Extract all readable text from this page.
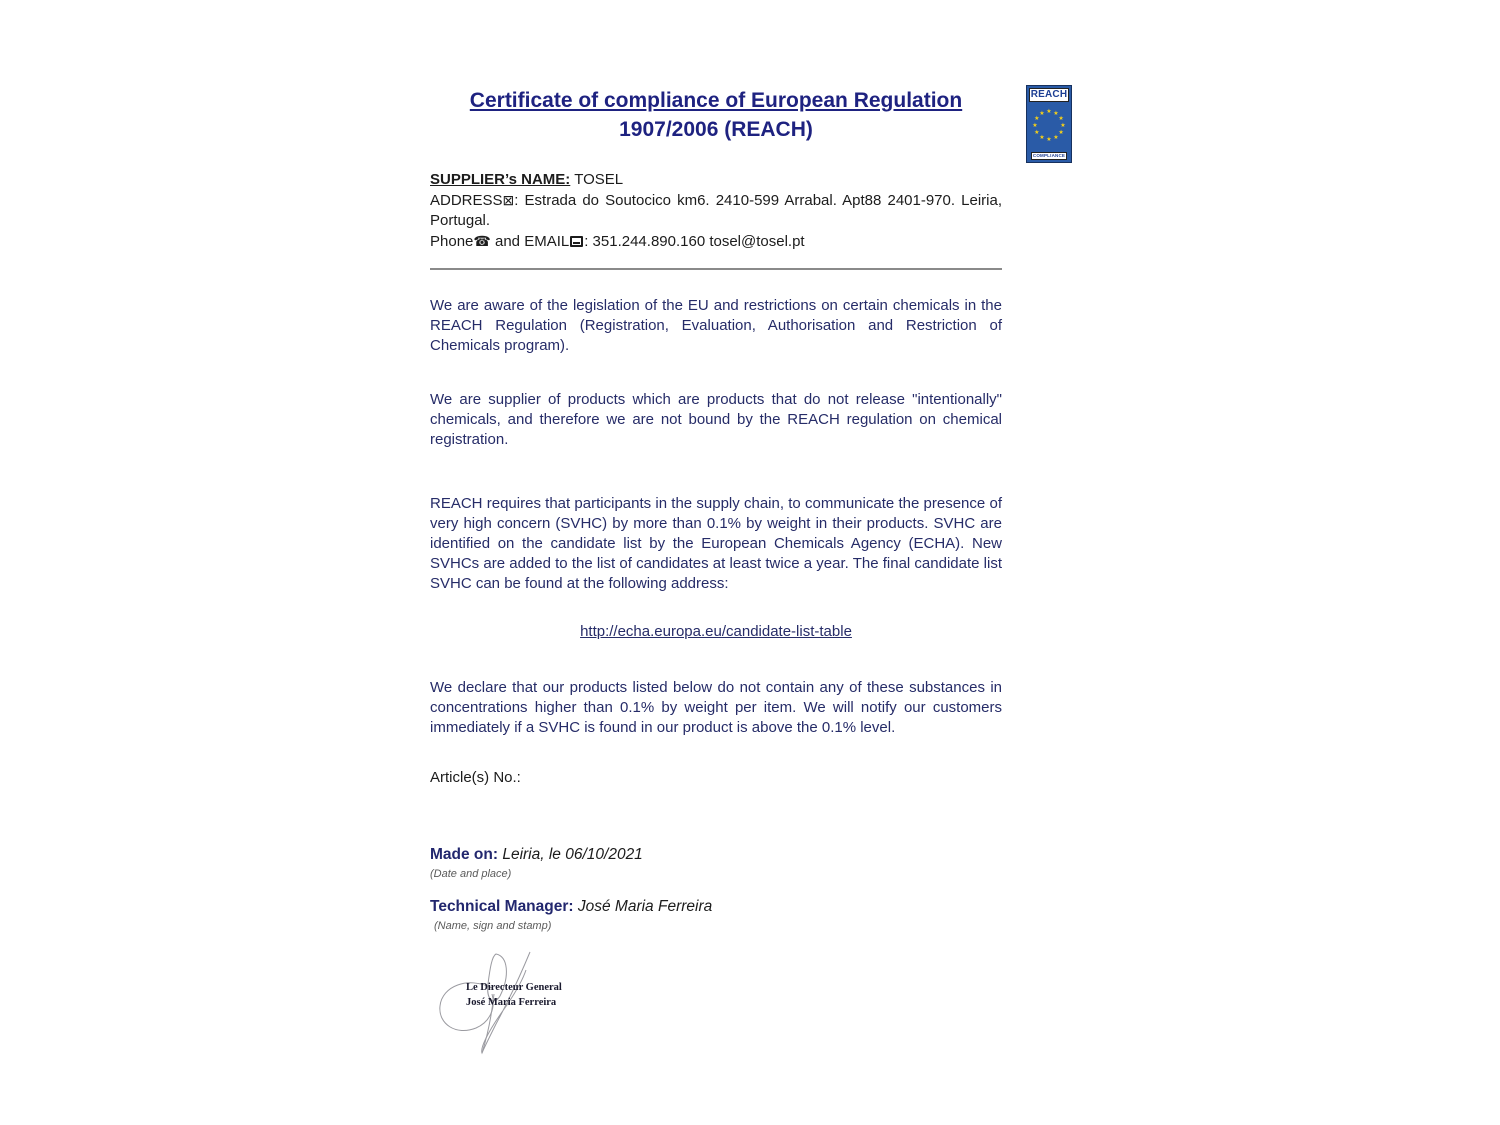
Certificate of compliance of European Regulation
1907/2006 (REACH)
SUPPLIER’s NAME: TOSEL
ADDRESS⊠: Estrada do Soutocico km6. 2410-599 Arrabal. Apt88 2401-970. Leiria, Portugal.
Phone☎ and EMAIL : 351.244.890.160 tosel@tosel.pt

We are aware of the legislation of the EU and restrictions on certain chemicals in the REACH Regulation (Registration, Evaluation, Authorisation and Restriction of Chemicals program).

We are supplier of products which are products that do not release "intentionally" chemicals, and therefore we are not bound by the REACH regulation on chemical registration.

REACH requires that participants in the supply chain, to communicate the presence of very high concern (SVHC) by more than 0.1% by weight in their products. SVHC are identified on the candidate list by the European Chemicals Agency (ECHA). New SVHCs are added to the list of candidates at least twice a year. The final candidate list SVHC can be found at the following address:

http://echa.europa.eu/candidate-list-table

We declare that our products listed below do not contain any of these substances in concentrations higher than 0.1% by weight per item. We will notify our customers immediately if a SVHC is found in our product is above the 0.1% level.

Article(s) No.:
Made on: Leiria, le 06/10/2021
(Date and place)
Technical Manager: José Maria Ferreira
(Name, sign and stamp)
Le Directeur General
José Maria Ferreira
REACH
★ ★
★
★
★
★
★
★
★
★
★
★
COMPLIANCE
